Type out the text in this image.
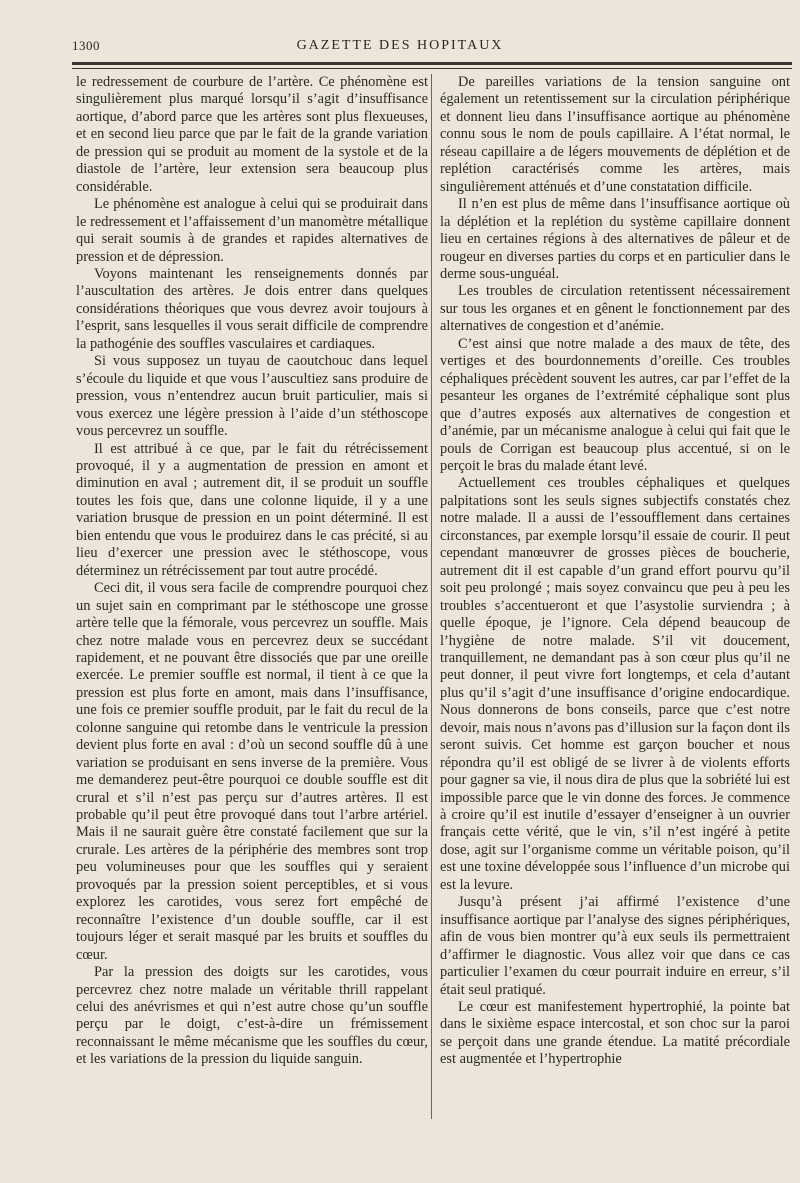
1300	GAZETTE DES HOPITAUX

le redressement de courbure de l’artère. Ce phénomène est singulièrement plus marqué lorsqu’il s’agit d’insuffisance aortique, d’abord parce que les artères sont plus flexueuses, et en second lieu parce que par le fait de la grande variation de pression qui se produit au moment de la systole et de la diastole de l’artère, leur extension sera beaucoup plus considérable.

Le phénomène est analogue à celui qui se produirait dans le redressement et l’affaissement d’un manomètre métallique qui serait soumis à de grandes et rapides alternatives de pression et de dépression.

Voyons maintenant les renseignements donnés par l’auscultation des artères. Je dois entrer dans quelques considérations théoriques que vous devrez avoir toujours à l’esprit, sans lesquelles il vous serait difficile de comprendre la pathogénie des souffles vasculaires et cardiaques.

Si vous supposez un tuyau de caoutchouc dans lequel s’écoule du liquide et que vous l’auscultiez sans produire de pression, vous n’entendrez aucun bruit particulier, mais si vous exercez une légère pression à l’aide d’un stéthoscope vous percevrez un souffle.

Il est attribué à ce que, par le fait du rétrécissement provoqué, il y a augmentation de pression en amont et diminution en aval ; autrement dit, il se produit un souffle toutes les fois que, dans une colonne liquide, il y a une variation brusque de pression en un point déterminé. Il est bien entendu que vous le produirez dans le cas précité, si au lieu d’exercer une pression avec le stéthoscope, vous déterminez un rétrécissement par tout autre procédé.

Ceci dit, il vous sera facile de comprendre pourquoi chez un sujet sain en comprimant par le stéthoscope une grosse artère telle que la fémorale, vous percevrez un souffle. Mais chez notre malade vous en percevrez deux se succédant rapidement, et ne pouvant être dissociés que par une oreille exercée. Le premier souffle est normal, il tient à ce que la pression est plus forte en amont, mais dans l’insuffisance, une fois ce premier souffle produit, par le fait du recul de la colonne sanguine qui retombe dans le ventricule la pression devient plus forte en aval : d’où un second souffle dû à une variation se produisant en sens inverse de la première. Vous me demanderez peut-être pourquoi ce double souffle est dit crural et s’il n’est pas perçu sur d’autres artères. Il est probable qu’il peut être provoqué dans tout l’arbre artériel. Mais il ne saurait guère être constaté facilement que sur la crurale. Les artères de la périphérie des membres sont trop peu volumineuses pour que les souffles qui y seraient provoqués par la pression soient perceptibles, et si vous explorez les carotides, vous serez fort empêché de reconnaître l’existence d’un double souffle, car il est toujours léger et serait masqué par les bruits et souffles du cœur.

Par la pression des doigts sur les carotides, vous percevrez chez notre malade un véritable thrill rappelant celui des anévrismes et qui n’est autre chose qu’un souffle perçu par le doigt, c’est-à-dire un frémissement reconnaissant le même mécanisme que les souffles du cœur, et les variations de la pression du liquide sanguin.

De pareilles variations de la tension sanguine ont également un retentissement sur la circulation périphérique et donnent lieu dans l’insuffisance aortique au phénomène connu sous le nom de pouls capillaire. A l’état normal, le réseau capillaire a de légers mouvements de déplétion et de replétion caractérisés comme les artères, mais singulièrement atténués et d’une constatation difficile.

Il n’en est plus de même dans l’insuffisance aortique où la déplétion et la replétion du système capillaire donnent lieu en certaines régions à des alternatives de pâleur et de rougeur en diverses parties du corps et en particulier dans le derme sous-unguéal.

Les troubles de circulation retentissent nécessairement sur tous les organes et en gênent le fonctionnement par des alternatives de congestion et d’anémie.

C’est ainsi que notre malade a des maux de tête, des vertiges et des bourdonnements d’oreille. Ces troubles céphaliques précèdent souvent les autres, car par l’effet de la pesanteur les organes de l’extrémité céphalique sont plus que d’autres exposés aux alternatives de congestion et d’anémie, par un mécanisme analogue à celui qui fait que le pouls de Corrigan est beaucoup plus accentué, si on le perçoit le bras du malade étant levé.

Actuellement ces troubles céphaliques et quelques palpitations sont les seuls signes subjectifs constatés chez notre malade. Il a aussi de l’essoufflement dans certaines circonstances, par exemple lorsqu’il essaie de courir. Il peut cependant manœuvrer de grosses pièces de boucherie, autrement dit il est capable d’un grand effort pourvu qu’il soit peu prolongé ; mais soyez convaincu que peu à peu les troubles s’accentueront et que l’asystolie surviendra ; à quelle époque, je l’ignore. Cela dépend beaucoup de l’hygiène de notre malade. S’il vit doucement, tranquillement, ne demandant pas à son cœur plus qu’il ne peut donner, il peut vivre fort longtemps, et cela d’autant plus qu’il s’agit d’une insuffisance d’origine endocardique. Nous donnerons de bons conseils, parce que c’est notre devoir, mais nous n’avons pas d’illusion sur la façon dont ils seront suivis. Cet homme est garçon boucher et nous répondra qu’il est obligé de se livrer à de violents efforts pour gagner sa vie, il nous dira de plus que la sobriété lui est impossible parce que le vin donne des forces. Je commence à croire qu’il est inutile d’essayer d’enseigner à un ouvrier français cette vérité, que le vin, s’il n’est ingéré à petite dose, agit sur l’organisme comme un véritable poison, qu’il est une toxine développée sous l’influence d’un microbe qui est la levure.

Jusqu’à présent j’ai affirmé l’existence d’une insuffisance aortique par l’analyse des signes périphériques, afin de vous bien montrer qu’à eux seuls ils permettraient d’affirmer le diagnostic. Vous allez voir que dans ce cas particulier l’examen du cœur pourrait induire en erreur, s’il était seul pratiqué.

Le cœur est manifestement hypertrophié, la pointe bat dans le sixième espace intercostal, et son choc sur la paroi se perçoit dans une grande étendue. La matité précordiale est augmentée et l’hypertrophie
